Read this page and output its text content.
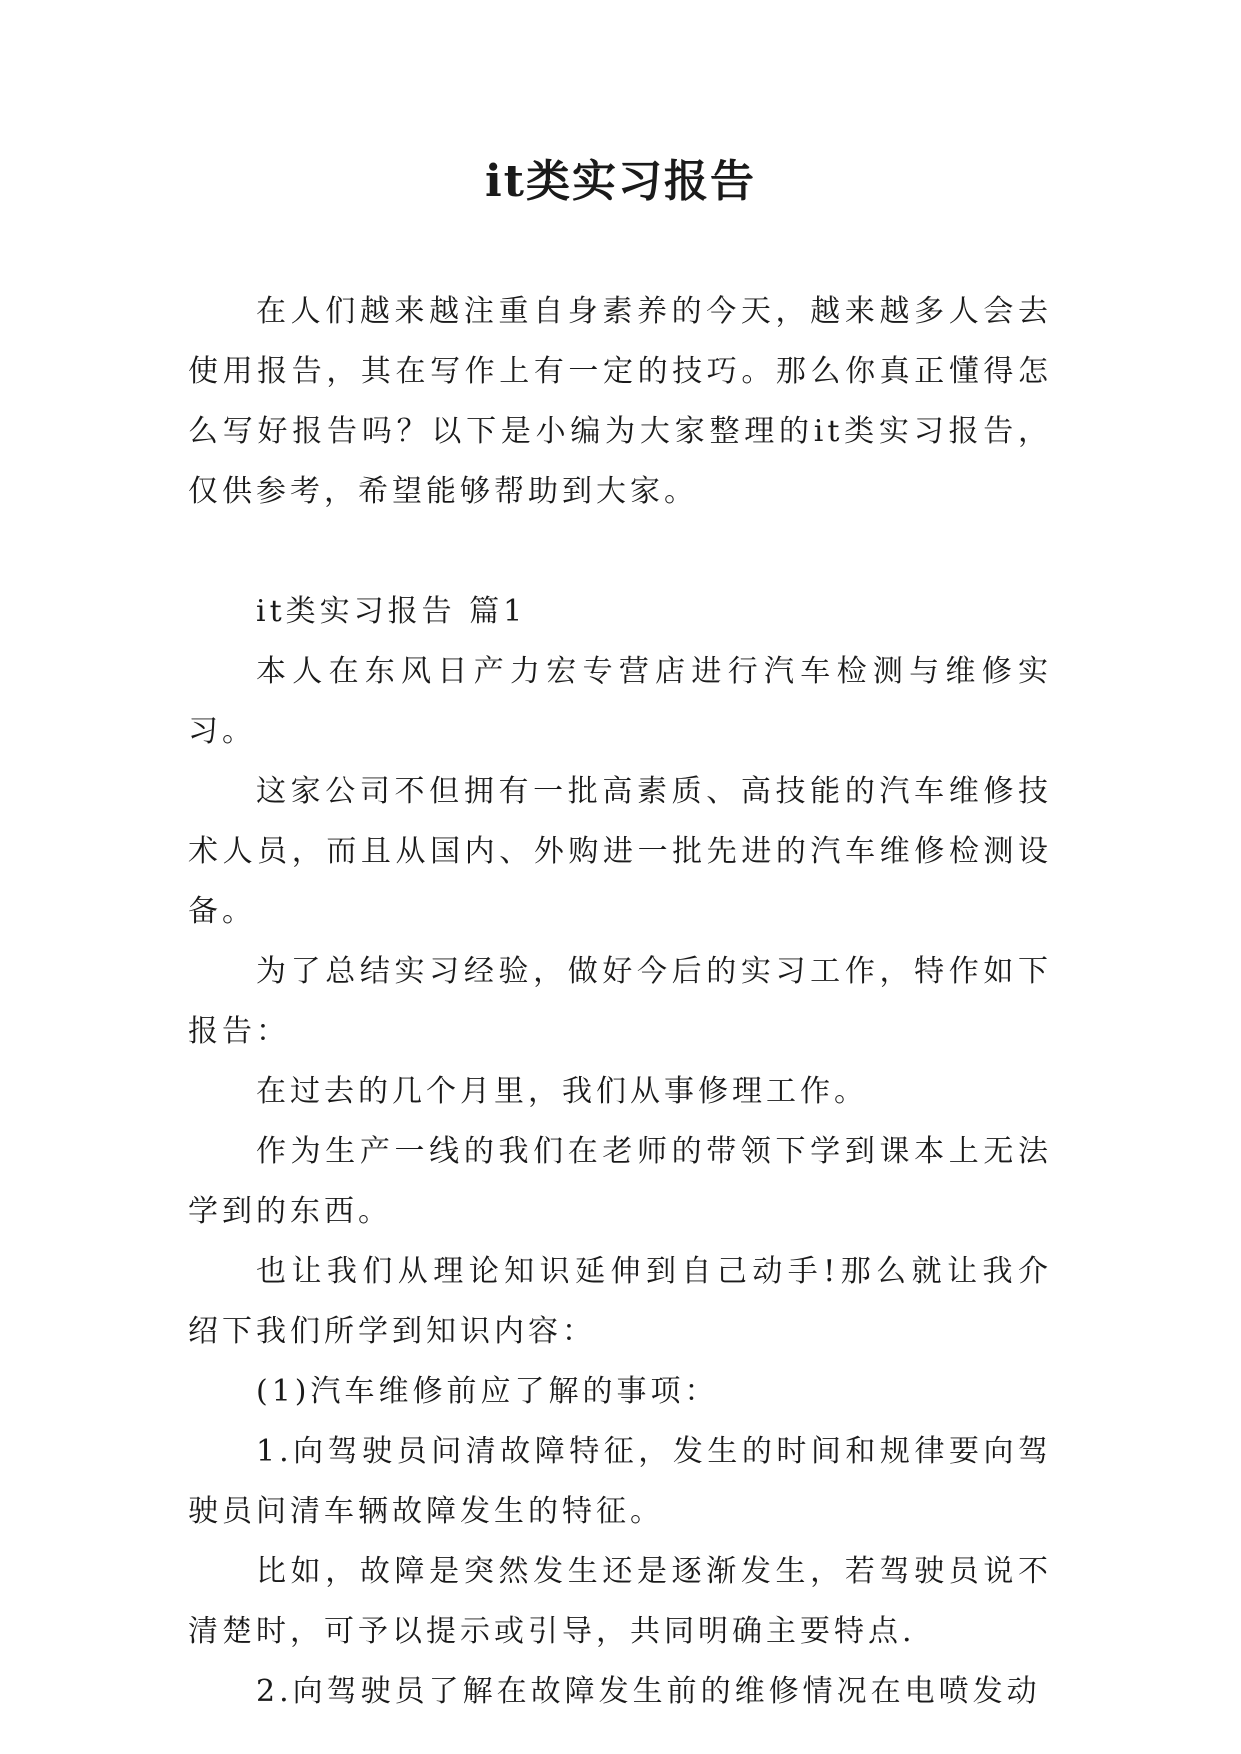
it类实习报告

在人们越来越注重自身素养的今天，越来越多人会去使用报告，其在写作上有一定的技巧。那么你真正懂得怎么写好报告吗？以下是小编为大家整理的it类实习报告，仅供参考，希望能够帮助到大家。

it类实习报告 篇1

本人在东风日产力宏专营店进行汽车检测与维修实习。

这家公司不但拥有一批高素质、高技能的汽车维修技术人员，而且从国内、外购进一批先进的汽车维修检测设备。

为了总结实习经验，做好今后的实习工作，特作如下报告：

在过去的几个月里，我们从事修理工作。

作为生产一线的我们在老师的带领下学到课本上无法学到的东西。

也让我们从理论知识延伸到自己动手!那么就让我介绍下我们所学到知识内容：

(1)汽车维修前应了解的事项：

1.向驾驶员问清故障特征，发生的时间和规律要向驾驶员问清车辆故障发生的特征。

比如，故障是突然发生还是逐渐发生，若驾驶员说不清楚时，可予以提示或引导，共同明确主要特点.

2.向驾驶员了解在故障发生前的维修情况在电喷发动
